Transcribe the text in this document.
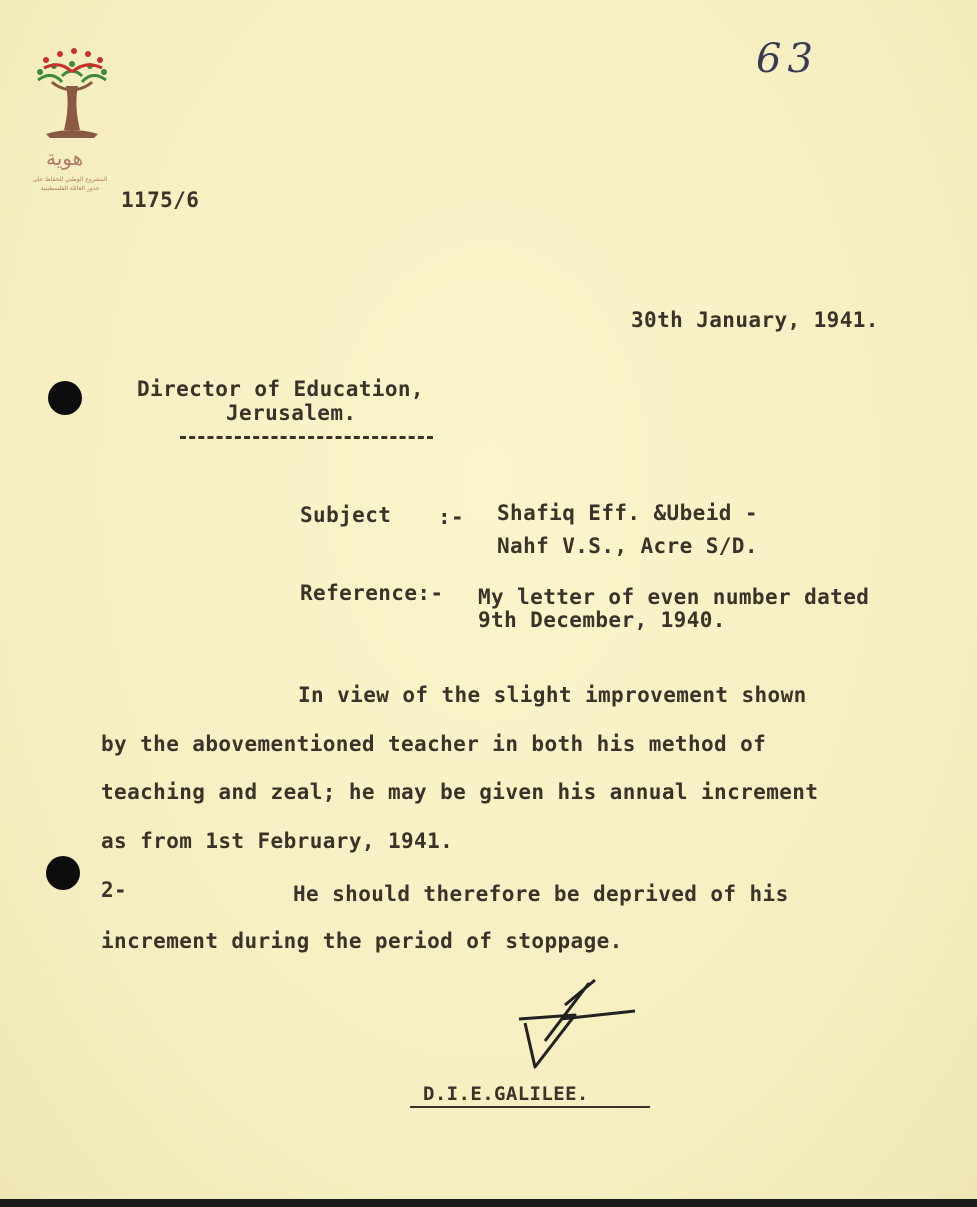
هوية
المشروع الوطني للحفاظ على
جذور العائلة الفلسطينية
63
1175/6
30th January, 1941.
Director of Education,
Jerusalem.
Subject :- Shafiq Eff. &Ubeid -
Nahf V.S., Acre S/D.
Reference:- My letter of even number dated
9th December, 1940.
In view of the slight improvement shown
by the abovementioned teacher in both his method of
teaching and zeal; he may be given his annual increment
as from 1st February, 1941.
2-	He should therefore be deprived of his
increment during the period of stoppage.
D.I.E.GALILEE.
